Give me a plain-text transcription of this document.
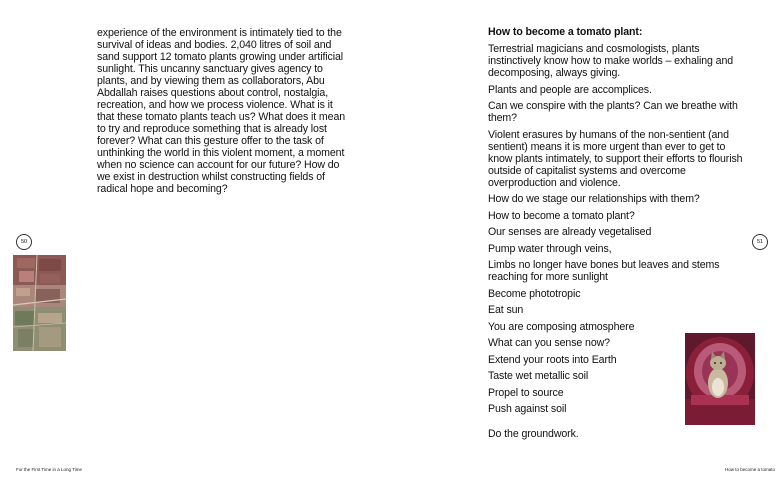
experience of the environment is intimately tied to the survival of ideas and bodies. 2,040 litres of soil and sand support 12 tomato plants growing under artificial sunlight. This uncanny sanctuary gives agency to plants, and by viewing them as collaborators, Abu Abdallah raises questions about control, nostalgia, recreation, and how we process violence. What is it that these tomato plants teach us? What does it mean to try and reproduce something that is already lost forever? What can this gesture offer to the task of unthinking the world in this violent moment, a moment when no science can account for our future? How do we exist in destruction whilst constructing fields of radical hope and becoming?

50
For the First Time in a Long Time
How to become a tomato plant:

Terrestrial magicians and cosmologists, plants instinctively know how to make worlds – exhaling and decomposing, always giving.

Plants and people are accomplices.

Can we conspire with the plants? Can we breathe with them?

Violent erasures by humans of the non-sentient (and sentient) means it is more urgent than ever to get to know plants intimately, to support their efforts to flourish outside of capitalist systems and overcome overproduction and violence.

How do we stage our relationships with them?

How to become a tomato plant?

Our senses are already vegetalised

Pump water through veins,

Limbs no longer have bones but leaves and stems reaching for more sunlight

Become phototropic

Eat sun

You are composing atmosphere

What can you sense now?

Extend your roots into Earth

Taste wet metallic soil

Propel to source

Push against soil

Do the groundwork.

51
How to become a tomato
